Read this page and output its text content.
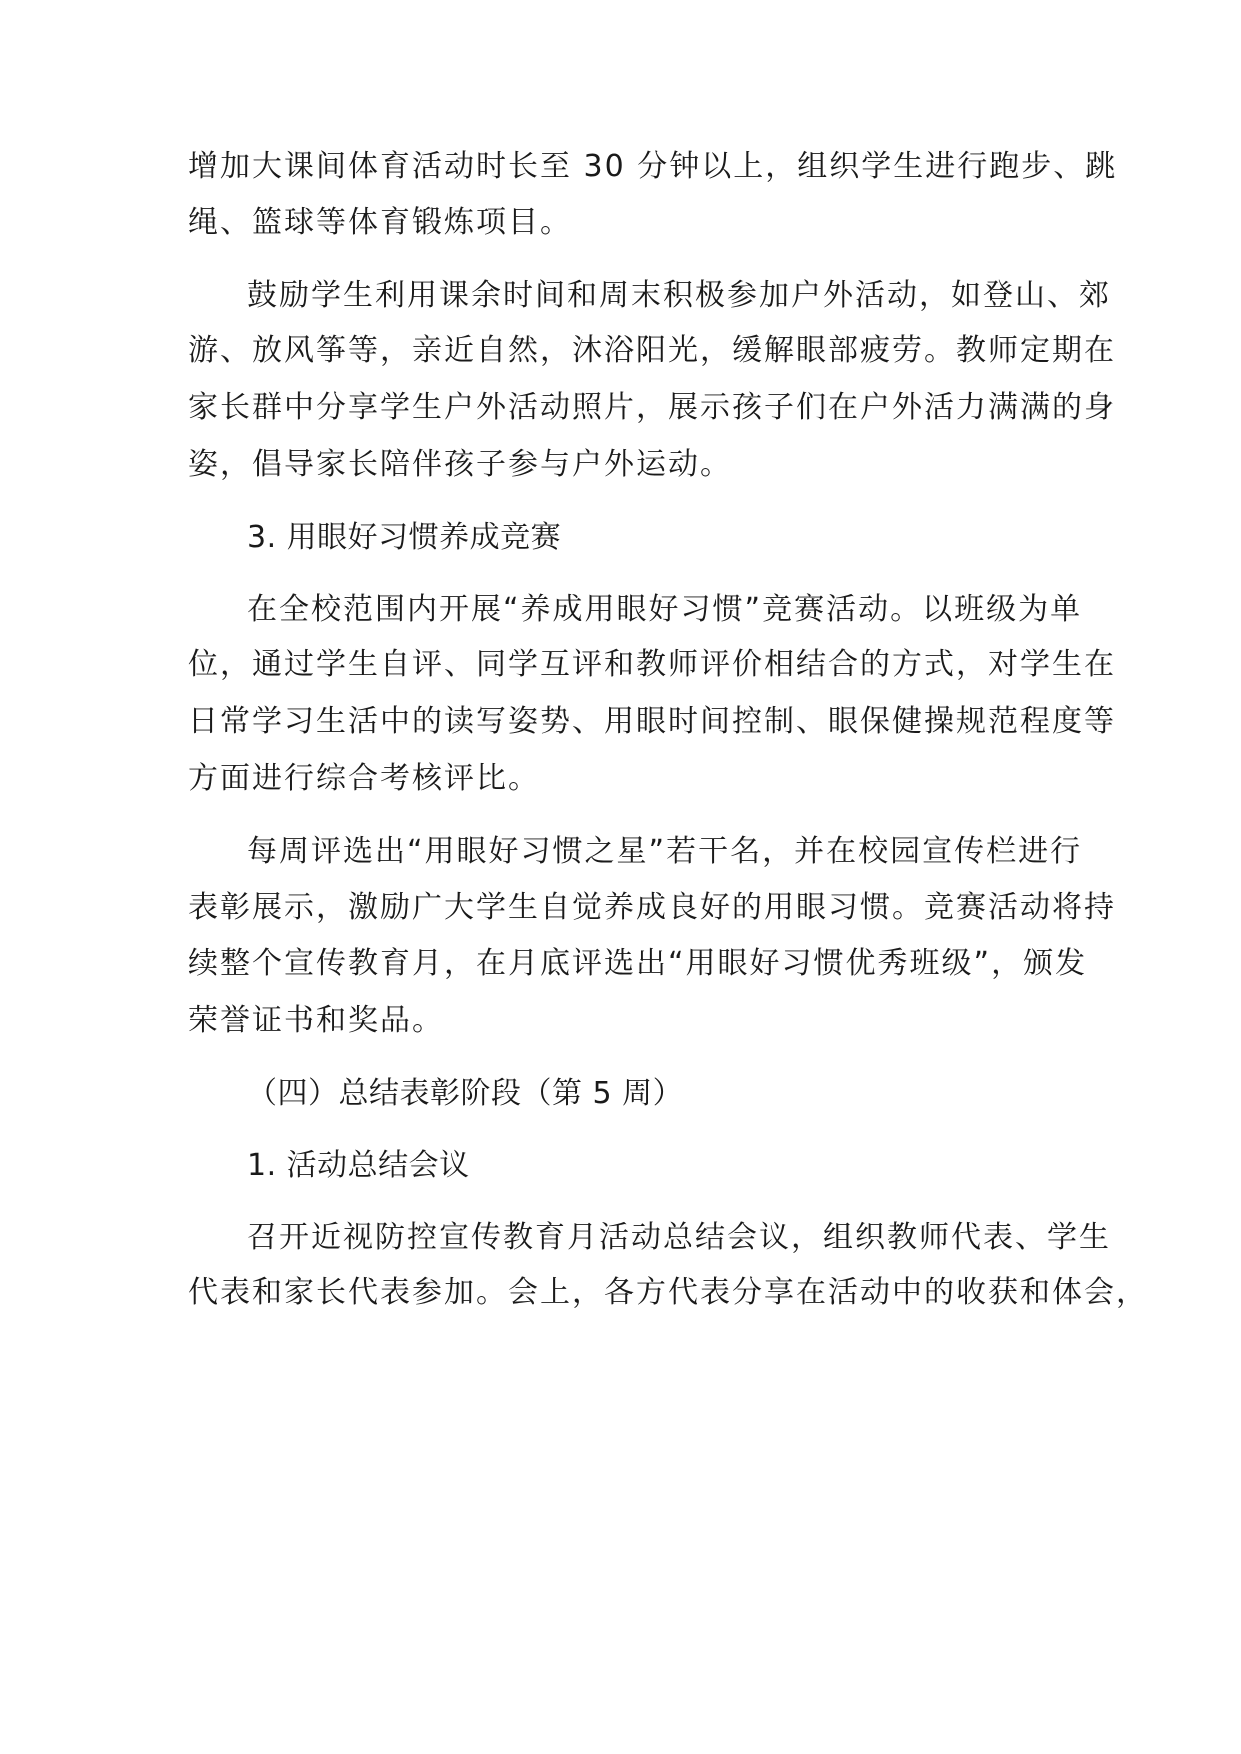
增加大课间体育活动时长至 30 分钟以上，组织学生进行跑步、跳
绳、篮球等体育锻炼项目。
鼓励学生利用课余时间和周末积极参加户外活动，如登山、郊
游、放风筝等，亲近自然，沐浴阳光，缓解眼部疲劳。教师定期在
家长群中分享学生户外活动照片，展示孩子们在户外活力满满的身
姿，倡导家长陪伴孩子参与户外运动。
3. 用眼好习惯养成竞赛
在全校范围内开展“养成用眼好习惯”竞赛活动。以班级为单
位，通过学生自评、同学互评和教师评价相结合的方式，对学生在
日常学习生活中的读写姿势、用眼时间控制、眼保健操规范程度等
方面进行综合考核评比。
每周评选出“用眼好习惯之星”若干名，并在校园宣传栏进行
表彰展示，激励广大学生自觉养成良好的用眼习惯。竞赛活动将持
续整个宣传教育月，在月底评选出“用眼好习惯优秀班级”，颁发
荣誉证书和奖品。
（四）总结表彰阶段（第 5 周）
1. 活动总结会议
召开近视防控宣传教育月活动总结会议，组织教师代表、学生
代表和家长代表参加。会上，各方代表分享在活动中的收获和体会，
